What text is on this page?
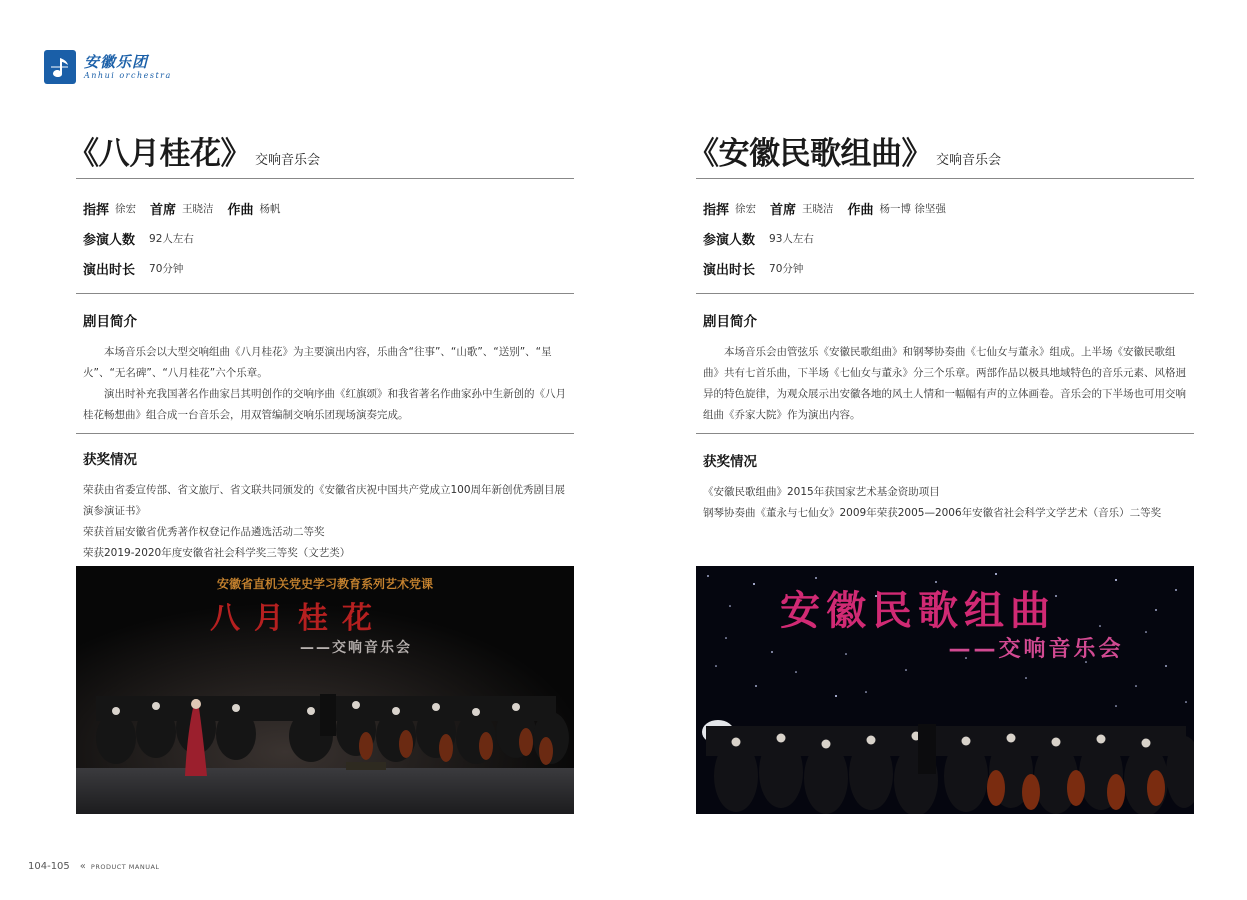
安徽乐团
Anhui orchestra
《八月桂花》 交响音乐会
指挥 徐宏 首席 王晓洁 作曲 杨帆
参演人数 92人左右
演出时长 70分钟
剧目简介

本场音乐会以大型交响组曲《八月桂花》为主要演出内容，乐曲含“往事”、“山歌”、“送别”、“星火”、“无名碑”、“八月桂花”六个乐章。

演出时补充我国著名作曲家吕其明创作的交响序曲《红旗颂》和我省著名作曲家孙中生新创的《八月桂花畅想曲》组合成一台音乐会，用双管编制交响乐团现场演奏完成。

获奖情况

荣获由省委宣传部、省文旅厅、省文联共同颁发的《安徽省庆祝中国共产党成立100周年新创优秀剧目展演参演证书》

荣获首届安徽省优秀著作权登记作品遴选活动二等奖

荣获2019-2020年度安徽省社会科学奖三等奖（文艺类）

《安徽民歌组曲》 交响音乐会
指挥 徐宏 首席 王晓洁 作曲 杨一博 徐坚强
参演人数 93人左右
演出时长 70分钟
剧目简介

本场音乐会由管弦乐《安徽民歌组曲》和钢琴协奏曲《七仙女与董永》组成。上半场《安徽民歌组曲》共有七首乐曲，下半场《七仙女与董永》分三个乐章。两部作品以极具地域特色的音乐元素、风格迥异的特色旋律，为观众展示出安徽各地的风土人情和一幅幅有声的立体画卷。音乐会的下半场也可用交响组曲《乔家大院》作为演出内容。

获奖情况

《安徽民歌组曲》2015年获国家艺术基金资助项目

钢琴协奏曲《董永与七仙女》2009年荣获2005—2006年安徽省社会科学文学艺术（音乐）二等奖

安徽省直机关党史学习教育系列艺术党课
八月桂花
——交响音乐会
安徽民歌组曲
——交响音乐会
104-105 « PRODUCT MANUAL
